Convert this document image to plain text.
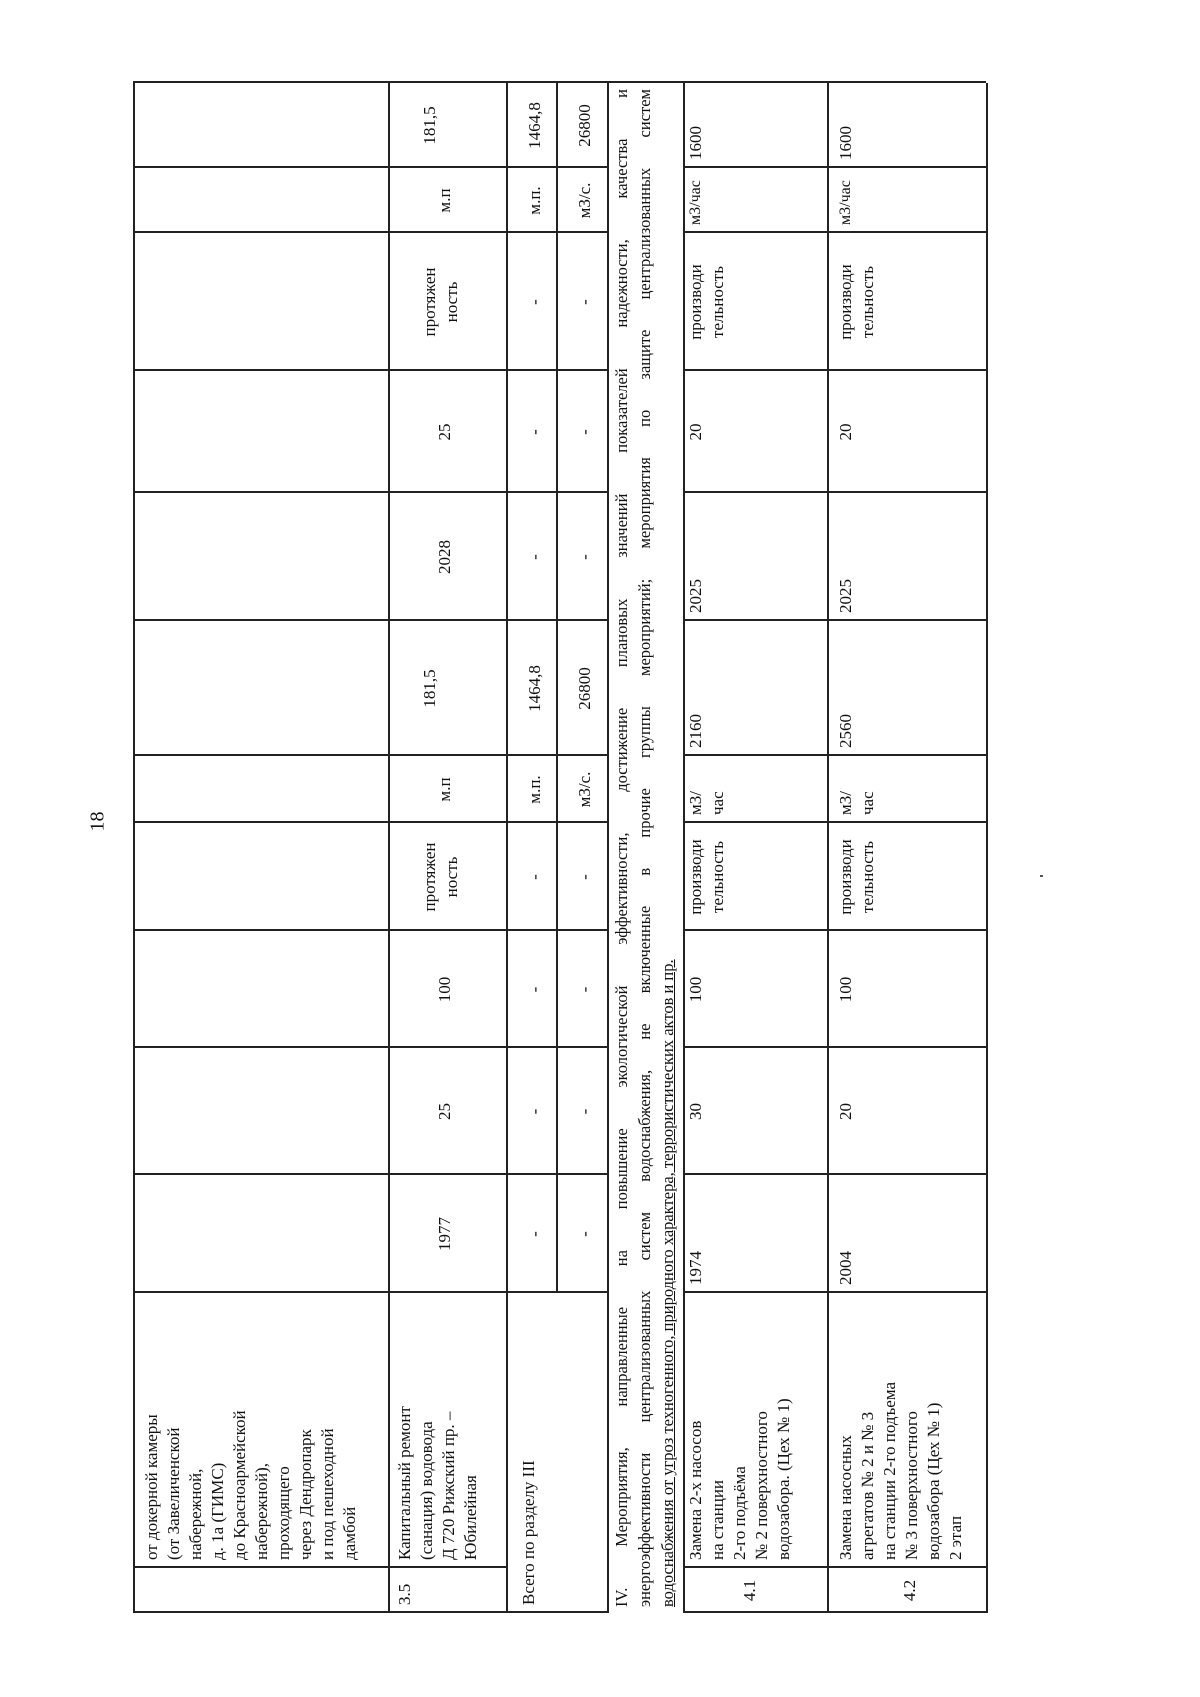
18
от докерной камеры
(от Завеличенской
набережной,
д. 1а (ГИМС)
до Красноармейской
набережной),
проходящего
через Дендропарк
и под пешеходной
дамбой
3.5
Капитальный ремонт
(санация) водовода
Д 720 Рижский пр. –
Юбилейная
1977
25
100
протяжен
ность
м.п
181,5
2028
25
протяжен
ность
м.п
181,5
Всего по разделу III
-
-
-
-
м.п.
1464,8
-
-
-
м.п.
1464,8
-
-
-
-
м3/с.
26800
-
-
-
м3/с.
26800	IV. Мероприятия, направленные на повышение экологической эффективности, достижение плановых значений показателей надежности, качества и энергоэффективности централизованных систем водоснабжения, не включенные в прочие группы мероприятий; мероприятия по защите централизованных систем водоснабжения от угроз техногенного, природного характера, террористических актов и пр.	4.1
Замена 2-х насосов
на станции
2-го подъёма
№ 2 поверхностного
водозабора. (Цех № 1)
1974
30
100
производи
тельность
м3/
час
2160
2025
20
производи
тельность
м3/час
1600
4.2
Замена насосных
агрегатов № 2 и № 3
на станции 2-го подъема
№ 3 поверхностного
водозабора (Цех № 1)
2 этап
2004
20
100
производи
тельность
м3/
час
2560
2025
20
производи
тельность
м3/час
1600
